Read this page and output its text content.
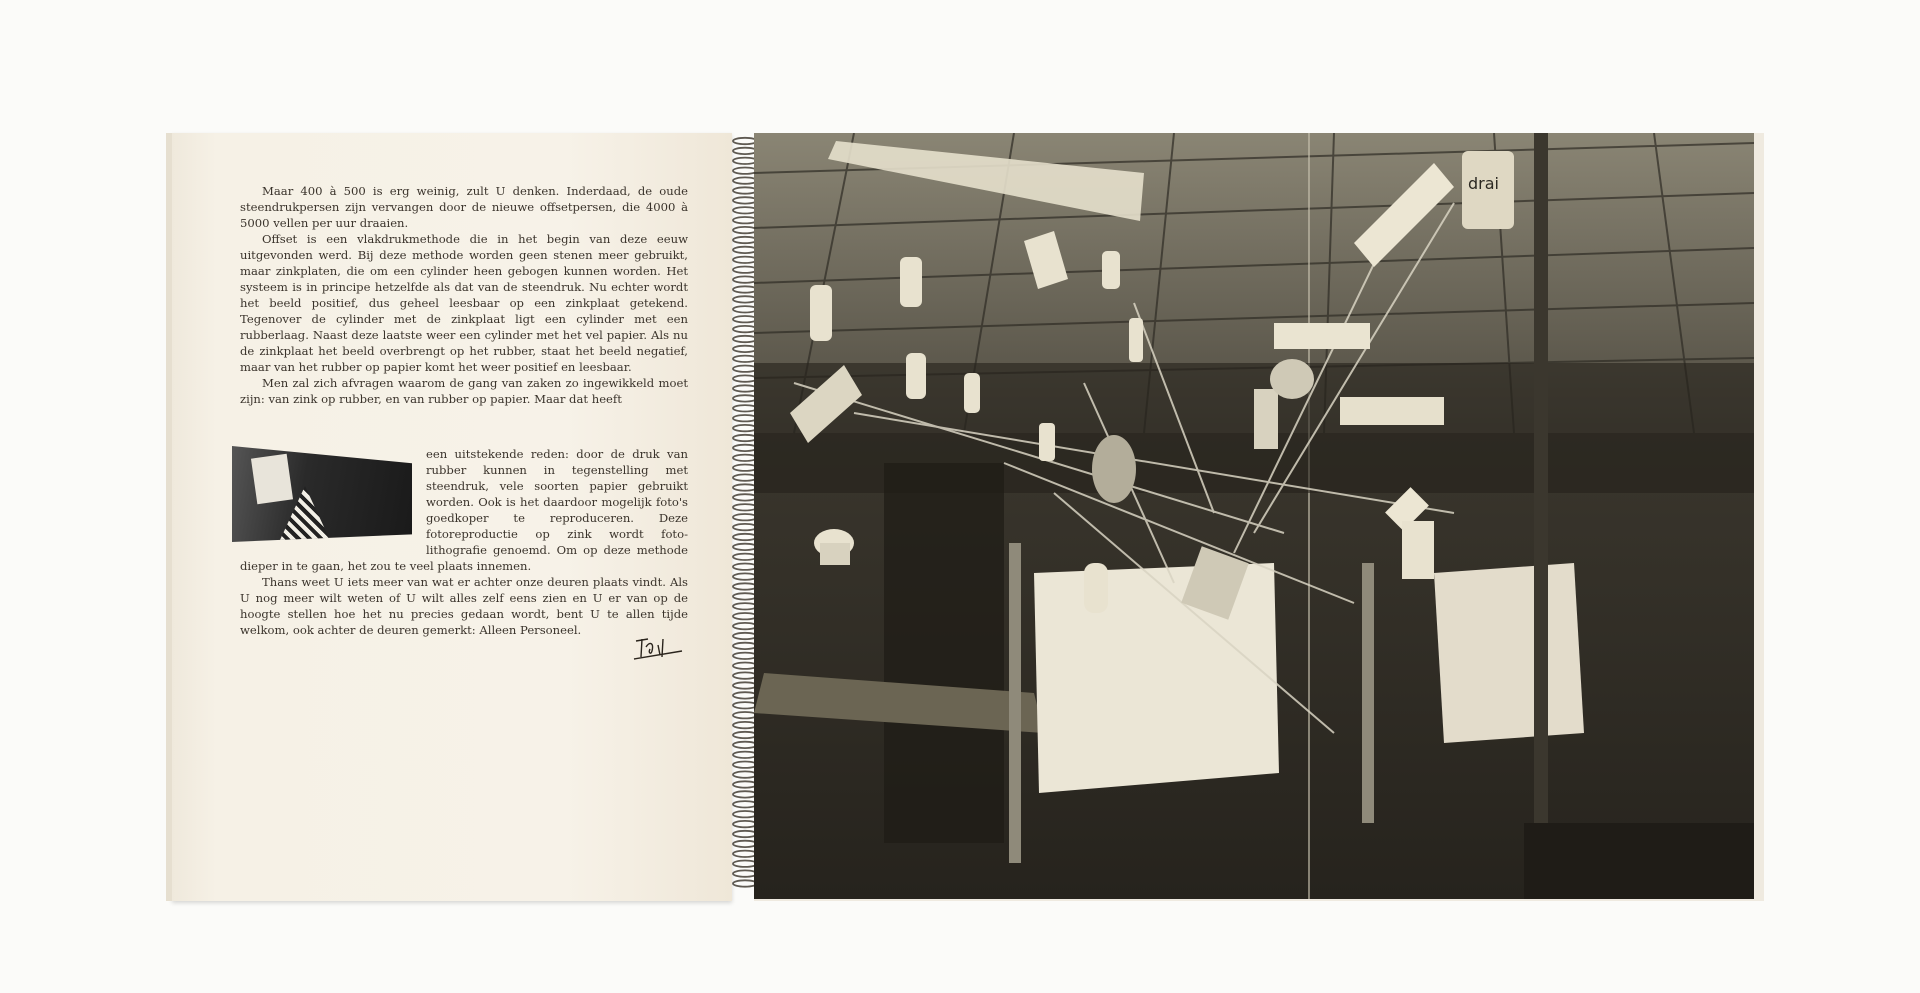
Maar 400 à 500 is erg weinig, zult U denken. Inderdaad, de oude steendrukpersen zijn vervangen door de nieuwe offsetpersen, die 4000 à 5000 vellen per uur draaien.

Offset is een vlakdrukmethode die in het begin van deze eeuw uitgevonden werd. Bij deze methode worden geen stenen meer gebruikt, maar zinkplaten, die om een cylinder heen gebogen kunnen worden. Het systeem is in principe hetzelfde als dat van de steendruk. Nu echter wordt het beeld positief, dus geheel leesbaar op een zinkplaat getekend. Tegenover de cylinder met de zinkplaat ligt een cylinder met een rubberlaag. Naast deze laatste weer een cylinder met het vel papier. Als nu de zinkplaat het beeld overbrengt op het rubber, staat het beeld negatief, maar van het rubber op papier komt het weer positief en leesbaar.

Men zal zich afvragen waarom de gang van zaken zo ingewikkeld moet zijn: van zink op rubber, en van rubber op papier. Maar dat heeft

een uitstekende reden: door de druk van rubber kunnen in tegenstelling met steendruk, vele soorten papier gebruikt worden. Ook is het daardoor mogelijk foto's goedkoper te reproduceren. Deze fotoreproductie op zink wordt foto-lithografie genoemd. Om op deze methode dieper in te gaan, het zou te veel plaats innemen.

Thans weet U iets meer van wat er achter onze deuren plaats vindt. Als U nog meer wilt weten of U wilt alles zelf eens zien en U er van op de hoogte stellen hoe het nu precies gedaan wordt, bent U te allen tijde welkom, ook achter de deuren gemerkt: Alleen Personeel.

drai
